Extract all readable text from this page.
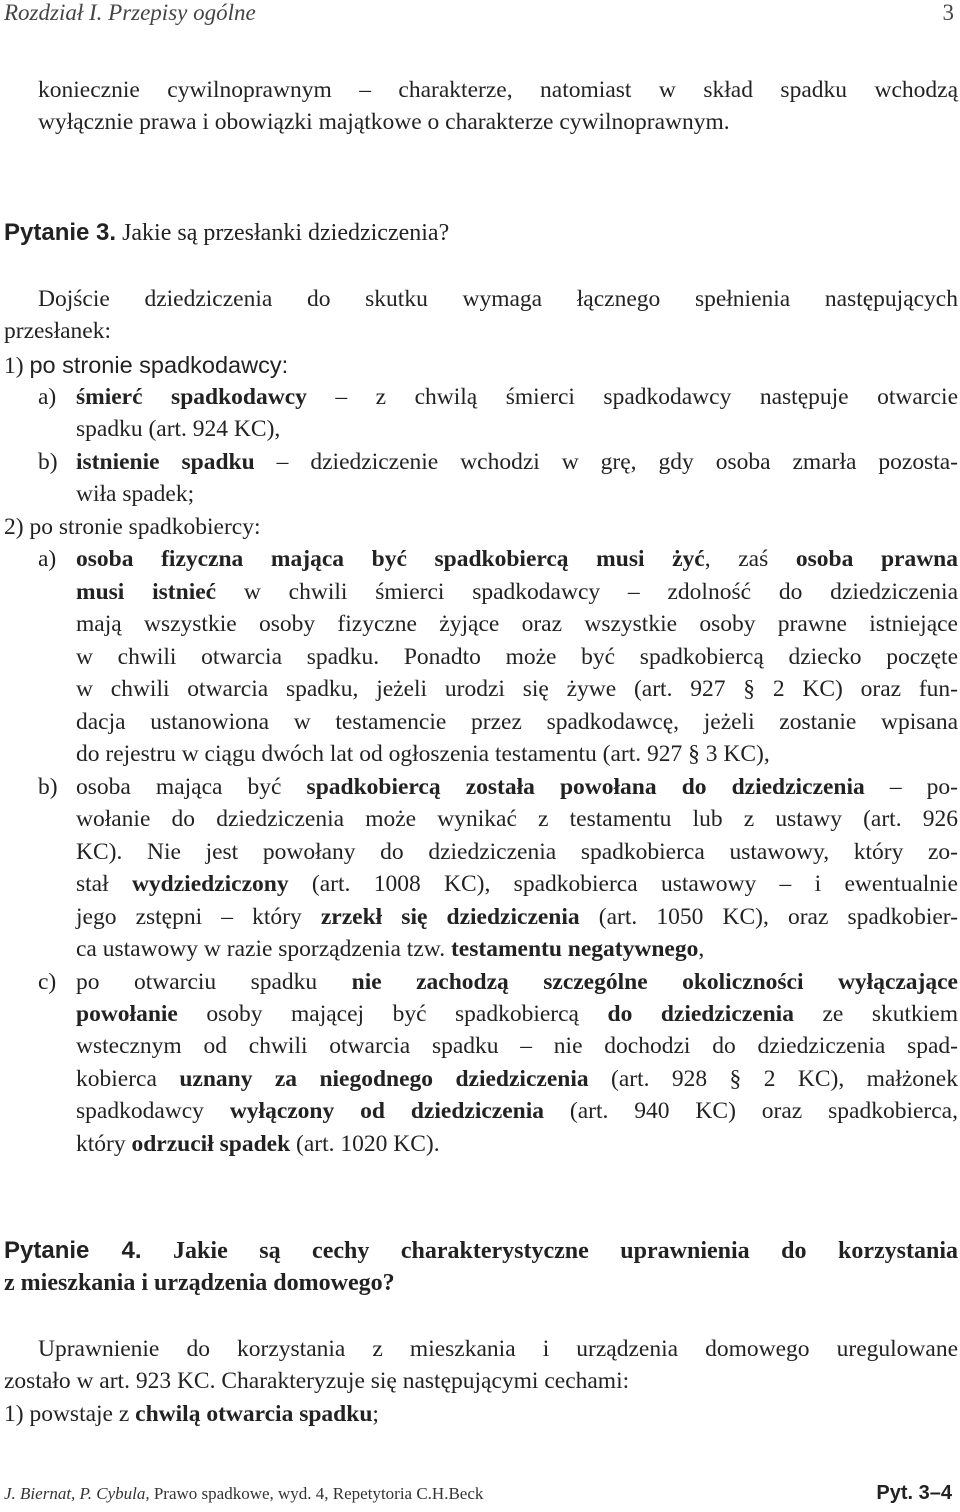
Rozdział I. Przepisy ogólne	3
koniecznie cywilnoprawnym – charakterze, natomiast w skład spadku wchodzą
wyłącznie prawa i obowiązki majątkowe o charakterze cywilnoprawnym.
Pytanie 3. Jakie są przesłanki dziedziczenia?
Dojście dziedziczenia do skutku wymaga łącznego spełnienia następujących
przesłanek:
1) po stronie spadkodawcy:
a) śmierć spadkodawcy – z chwilą śmierci spadkodawcy następuje otwarcie
spadku (art. 924 KC),
b) istnienie spadku – dziedziczenie wchodzi w grę, gdy osoba zmarła pozosta-
wiła spadek;
2) po stronie spadkobiercy:
a) osoba fizyczna mająca być spadkobiercą musi żyć, zaś osoba prawna
musi istnieć w chwili śmierci spadkodawcy – zdolność do dziedziczenia
mają wszystkie osoby fizyczne żyjące oraz wszystkie osoby prawne istniejące
w chwili otwarcia spadku. Ponadto może być spadkobiercą dziecko poczęte
w chwili otwarcia spadku, jeżeli urodzi się żywe (art. 927 § 2 KC) oraz fun-
dacja ustanowiona w testamencie przez spadkodawcę, jeżeli zostanie wpisana
do rejestru w ciągu dwóch lat od ogłoszenia testamentu (art. 927 § 3 KC),
b) osoba mająca być spadkobiercą została powołana do dziedziczenia – po-
wołanie do dziedziczenia może wynikać z testamentu lub z ustawy (art. 926
KC). Nie jest powołany do dziedziczenia spadkobierca ustawowy, który zo-
stał wydziedziczony (art. 1008 KC), spadkobierca ustawowy – i ewentualnie
jego zstępni – który zrzekł się dziedziczenia (art. 1050 KC), oraz spadkobier-
ca ustawowy w razie sporządzenia tzw. testamentu negatywnego,
c) po otwarciu spadku nie zachodzą szczególne okoliczności wyłączające
powołanie osoby mającej być spadkobiercą do dziedziczenia ze skutkiem
wstecznym od chwili otwarcia spadku – nie dochodzi do dziedziczenia spad-
kobierca uznany za niegodnego dziedziczenia (art. 928 § 2 KC), małżonek
spadkodawcy wyłączony od dziedziczenia (art. 940 KC) oraz spadkobierca,
który odrzucił spadek (art. 1020 KC).
Pytanie 4. Jakie są cechy charakterystyczne uprawnienia do korzystania
z mieszkania i urządzenia domowego?
Uprawnienie do korzystania z mieszkania i urządzenia domowego uregulowane
zostało w art. 923 KC. Charakteryzuje się następującymi cechami:
1) powstaje z chwilą otwarcia spadku;
J. Biernat, P. Cybula, Prawo spadkowe, wyd. 4, Repetytoria C.H.Beck	Pyt. 3–4
